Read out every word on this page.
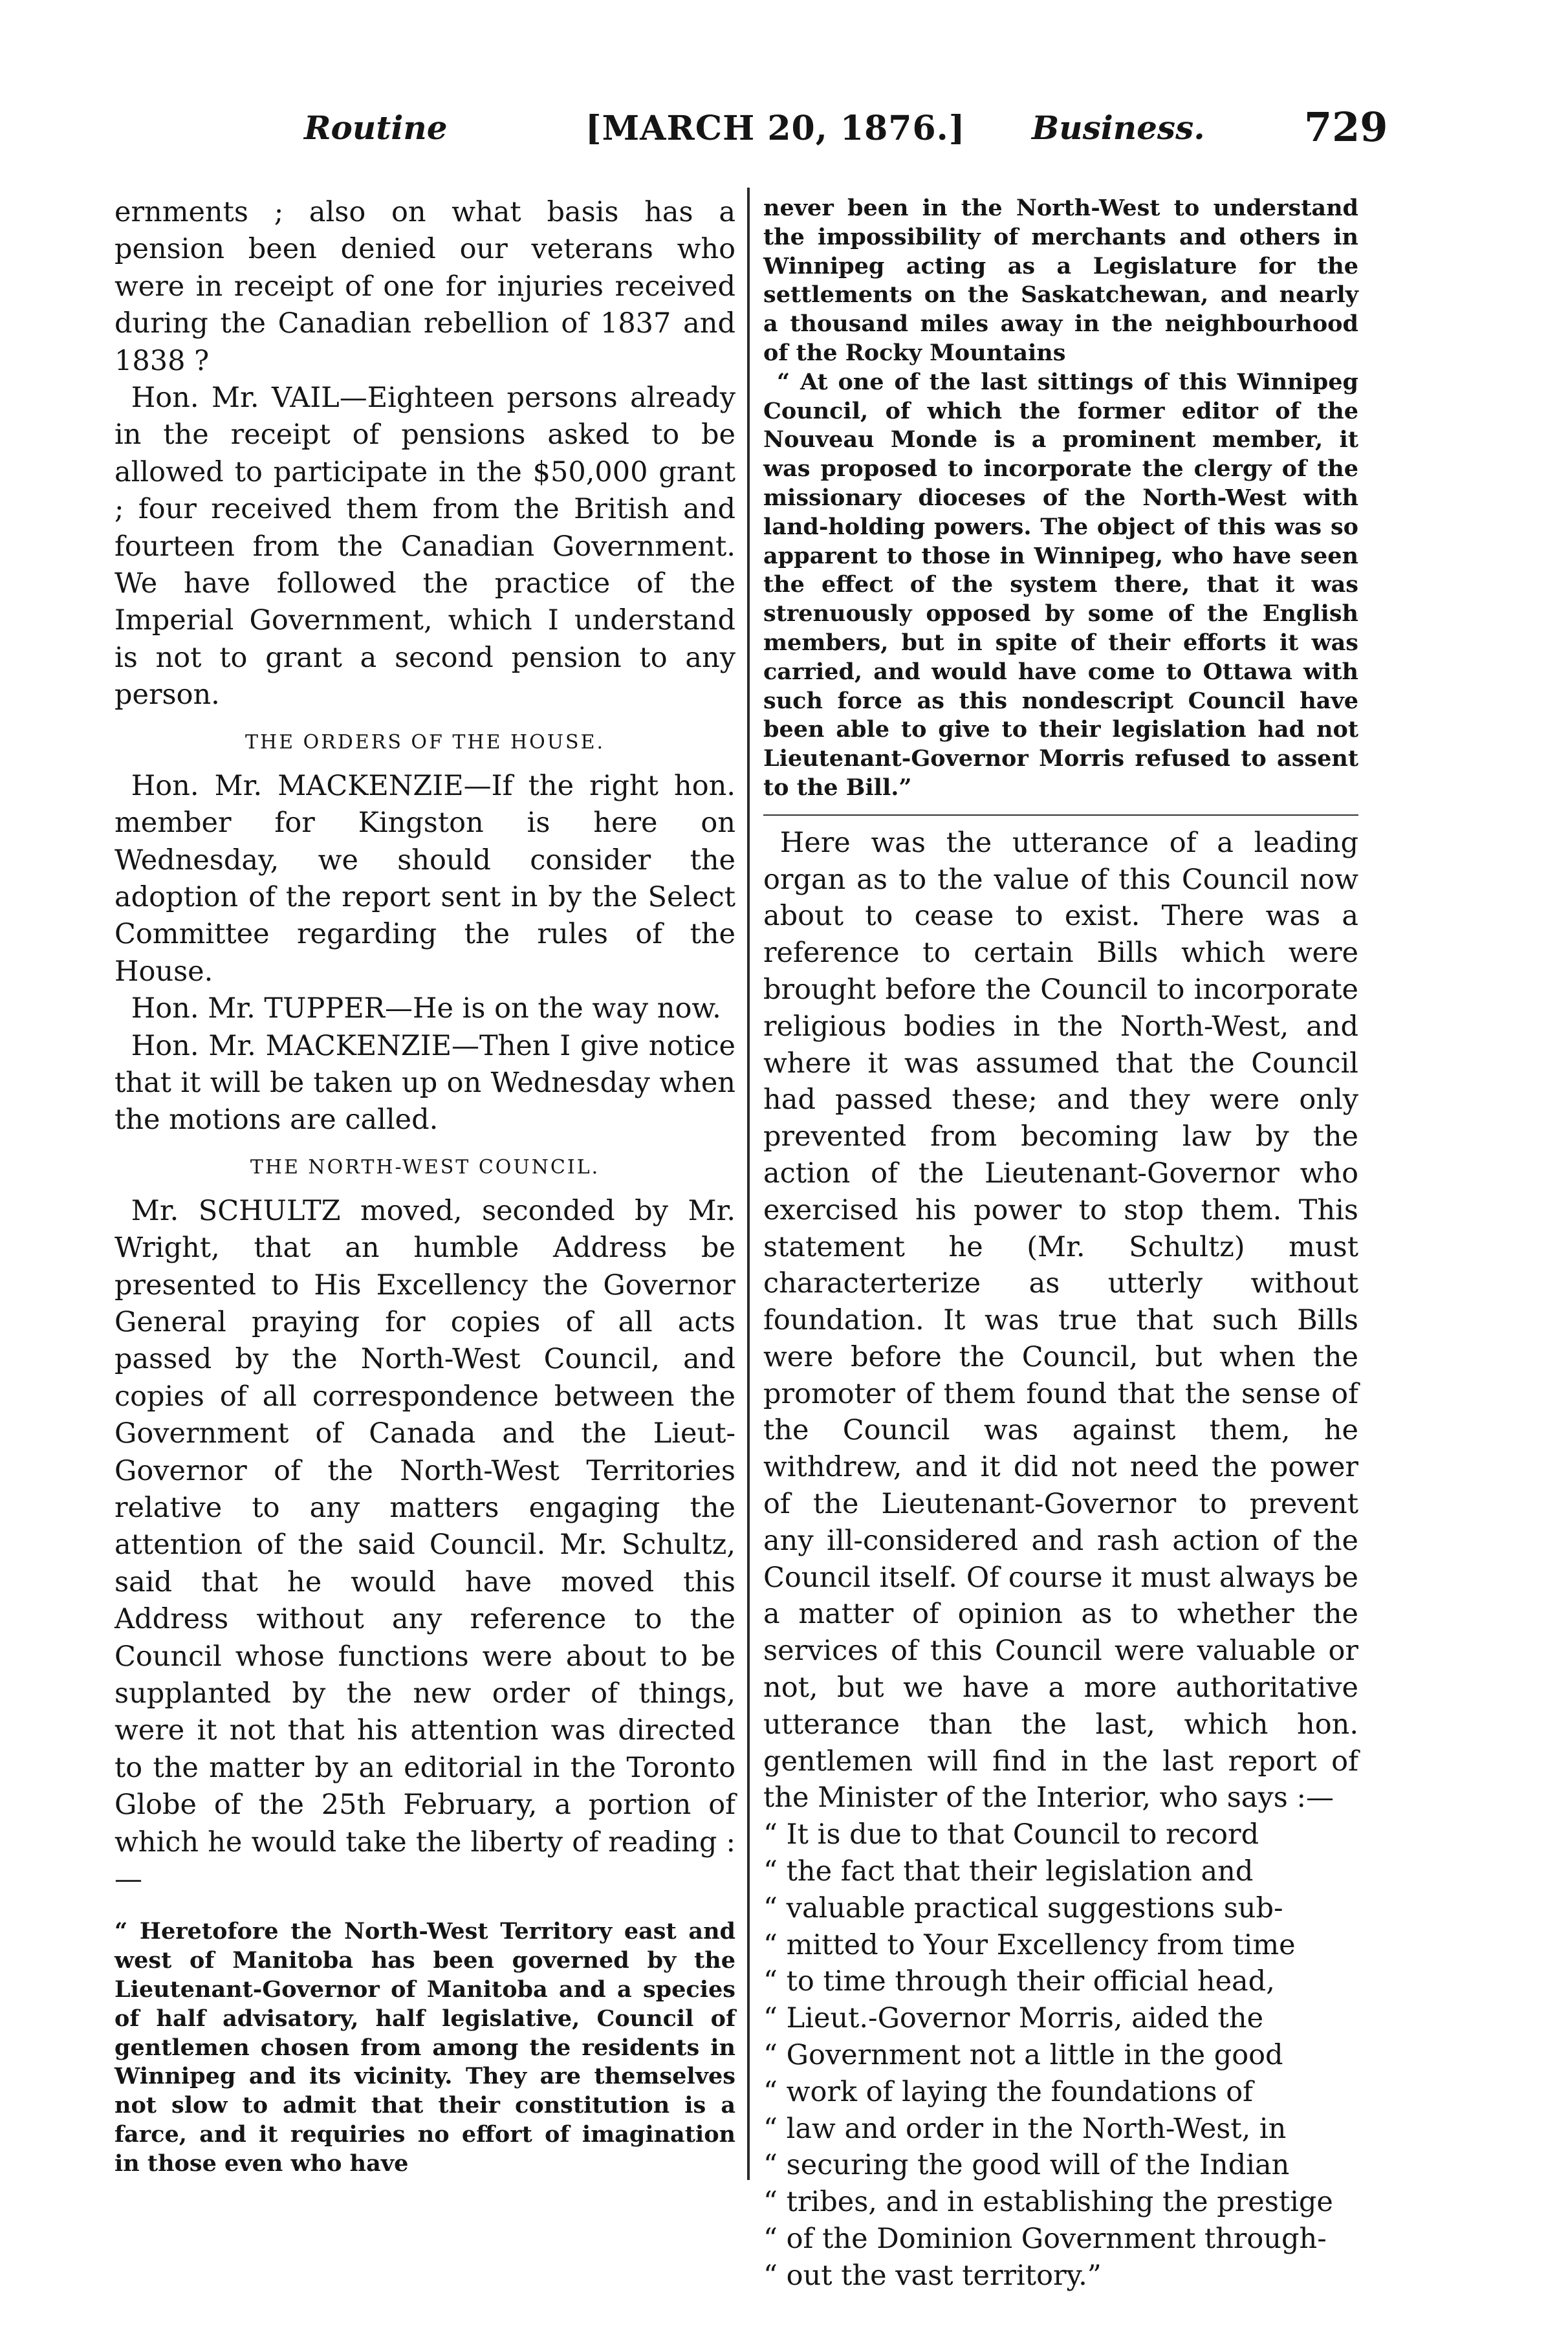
Routine	[MARCH 20, 1876.] Business. 729

ernments ; also on what basis has a pension been denied our veterans who were in receipt of one for injuries received during the Canadian rebellion of 1837 and 1838 ?

Hon. Mr. VAIL—Eighteen persons already in the receipt of pensions asked to be allowed to participate in the $50,000 grant ; four received them from the British and fourteen from the Canadian Government. We have followed the practice of the Imperial Government, which I understand is not to grant a second pension to any person.

THE ORDERS OF THE HOUSE.

Hon. Mr. MACKENZIE—If the right hon. member for Kingston is here on Wednesday, we should consider the adoption of the report sent in by the Select Committee regarding the rules of the House.

Hon. Mr. TUPPER—He is on the way now.

Hon. Mr. MACKENZIE—Then I give notice that it will be taken up on Wednesday when the motions are called.

THE NORTH-WEST COUNCIL.

Mr. SCHULTZ moved, seconded by Mr. Wright, that an humble Address be presented to His Excellency the Governor General praying for copies of all acts passed by the North-West Council, and copies of all correspondence between the Government of Canada and the Lieut-Governor of the North-West Territories relative to any matters engaging the attention of the said Council. Mr. Schultz, said that he would have moved this Address without any reference to the Council whose functions were about to be supplanted by the new order of things, were it not that his attention was directed to the matter by an editorial in the Toronto Globe of the 25th February, a portion of which he would take the liberty of reading :—

“ Heretofore the North-West Territory east and west of Manitoba has been governed by the Lieutenant-Governor of Manitoba and a species of half advisatory, half legislative, Council of gentlemen chosen from among the residents in Winnipeg and its vicinity. They are themselves not slow to admit that their constitution is a farce, and it requiries no effort of imagination in those even who have

never been in the North-West to understand the impossibility of merchants and others in Winnipeg acting as a Legislature for the settlements on the Saskatchewan, and nearly a thousand miles away in the neighbourhood of the Rocky Mountains

“ At one of the last sittings of this Winnipeg Council, of which the former editor of the Nouveau Monde is a prominent member, it was proposed to incorporate the clergy of the missionary dioceses of the North-West with land-holding powers. The object of this was so apparent to those in Winnipeg, who have seen the effect of the system there, that it was strenuously opposed by some of the English members, but in spite of their efforts it was carried, and would have come to Ottawa with such force as this nondescript Council have been able to give to their legislation had not Lieutenant-Governor Morris refused to assent to the Bill.”

Here was the utterance of a leading organ as to the value of this Council now about to cease to exist. There was a reference to certain Bills which were brought before the Council to incorporate religious bodies in the North-West, and where it was assumed that the Council had passed these; and they were only prevented from becoming law by the action of the Lieutenant-Governor who exercised his power to stop them. This statement he (Mr. Schultz) must characterterize as utterly without foundation. It was true that such Bills were before the Council, but when the promoter of them found that the sense of the Council was against them, he withdrew, and it did not need the power of the Lieutenant-Governor to prevent any ill-considered and rash action of the Council itself. Of course it must always be a matter of opinion as to whether the services of this Council were valuable or not, but we have a more authoritative utterance than the last, which hon. gentlemen will find in the last report of the Minister of the Interior, who says :—

“ It is due to that Council to record
“ the fact that their legislation and
“ valuable practical suggestions sub-
“ mitted to Your Excellency from time
“ to time through their official head,
“ Lieut.-Governor Morris, aided the
“ Government not a little in the good
“ work of laying the foundations of
“ law and order in the North-West, in
“ securing the good will of the Indian
“ tribes, and in establishing the prestige
“ of the Dominion Government through-
“ out the vast territory.”
